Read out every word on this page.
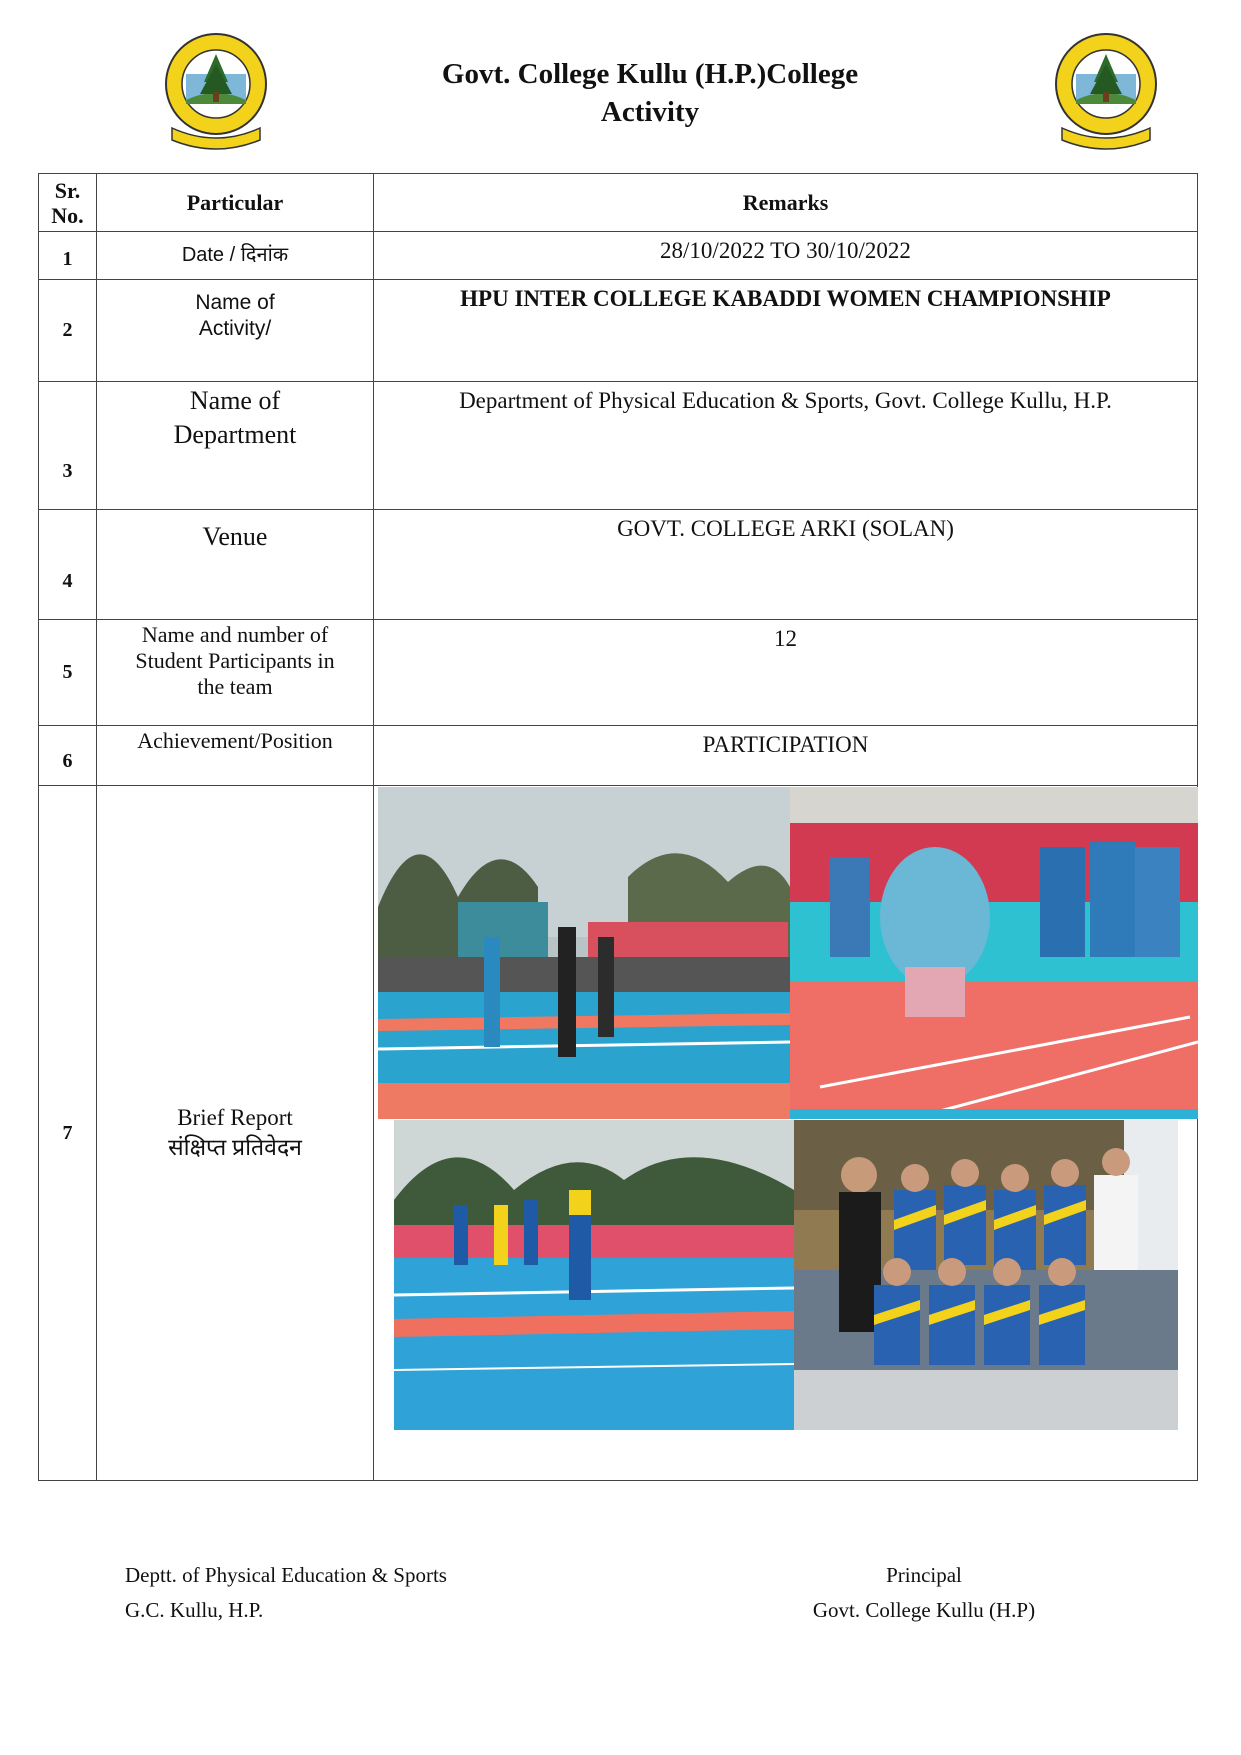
Govt. College Kullu (H.P.)College
Activity
Sr.
No.	Particular	Remarks
1	Date / दिनांक	28/10/2022 TO 30/10/2022
2	Name of
Activity/	HPU INTER COLLEGE KABADDI WOMEN CHAMPIONSHIP
3	Name of
Department	Department of Physical Education & Sports, Govt. College Kullu, H.P.
4	Venue	GOVT. COLLEGE ARKI (SOLAN)
5	Name and number of
Student Participants in
the team	12
6	Achievement/Position	PARTICIPATION
7	Brief Report
संक्षिप्त प्रतिवेदन	
Deptt. of Physical Education & Sports
G.C. Kullu, H.P.
Principal
Govt. College Kullu (H.P)
